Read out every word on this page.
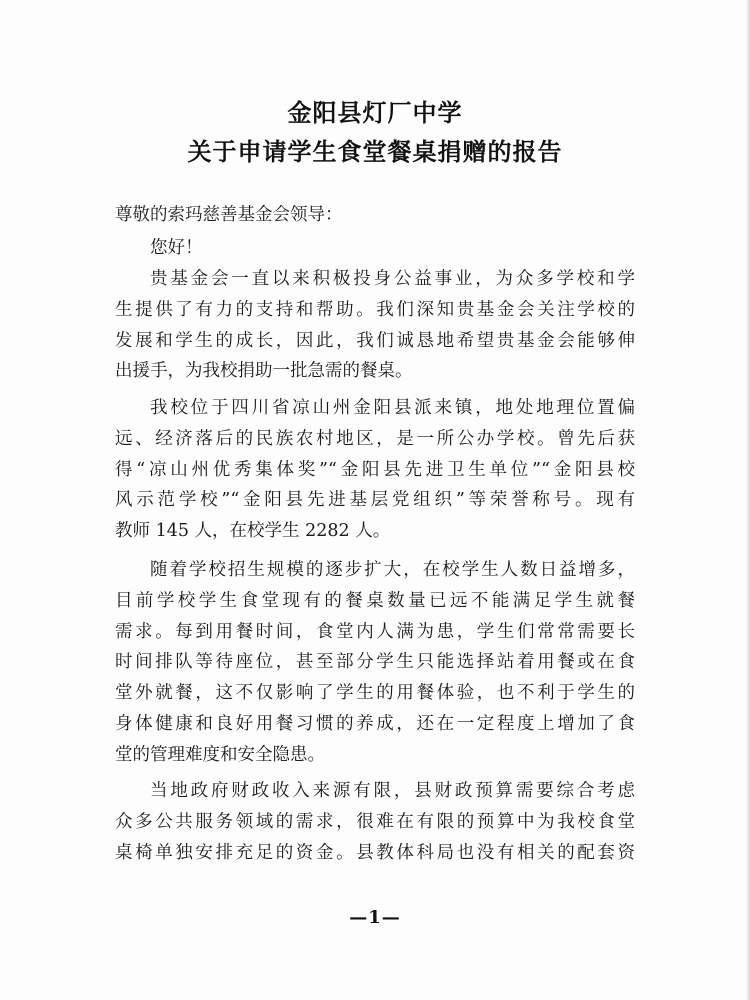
金阳县灯厂中学
关于申请学生食堂餐桌捐赠的报告

尊敬的索玛慈善基金会领导：

您好！

贵基金会一直以来积极投身公益事业，为众多学校和学
生提供了有力的支持和帮助。我们深知贵基金会关注学校的
发展和学生的成长，因此，我们诚恳地希望贵基金会能够伸
出援手，为我校捐助一批急需的餐桌。
我校位于四川省凉山州金阳县派来镇，地处地理位置偏
远、经济落后的民族农村地区，是一所公办学校。曾先后获
得“凉山州优秀集体奖”“金阳县先进卫生单位”“金阳县校
风示范学校”“金阳县先进基层党组织”等荣誉称号。现有
教师 145 人，在校学生 2282 人。
随着学校招生规模的逐步扩大，在校学生人数日益增多，
目前学校学生食堂现有的餐桌数量已远不能满足学生就餐
需求。每到用餐时间，食堂内人满为患，学生们常常需要长
时间排队等待座位，甚至部分学生只能选择站着用餐或在食
堂外就餐，这不仅影响了学生的用餐体验，也不利于学生的
身体健康和良好用餐习惯的养成，还在一定程度上增加了食
堂的管理难度和安全隐患。
当地政府财政收入来源有限，县财政预算需要综合考虑
众多公共服务领域的需求，很难在有限的预算中为我校食堂
桌椅单独安排充足的资金。县教体科局也没有相关的配套资
—1—
